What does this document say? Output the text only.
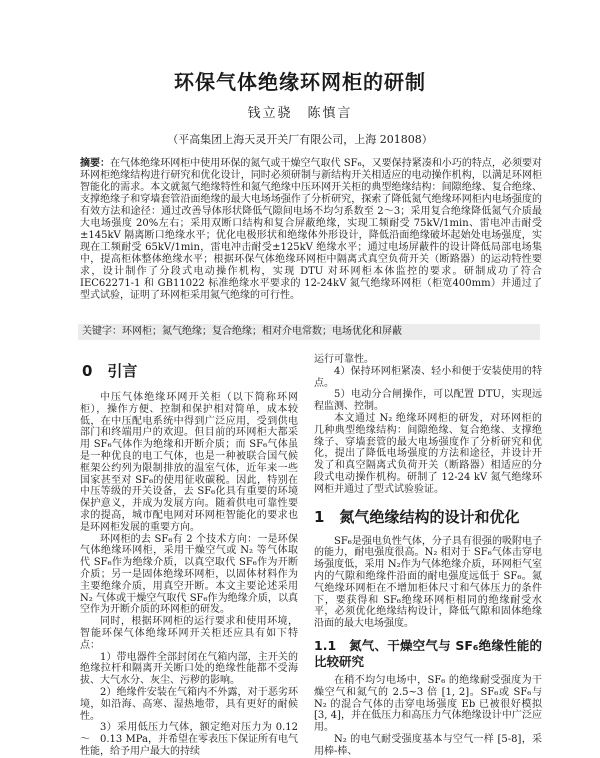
环保气体绝缘环网柜的研制
钱立骁　陈慎言
（平高集团上海天灵开关厂有限公司，上海 201808）
摘要：在气体绝缘环网柜中使用环保的氮气或干燥空气取代 SF₆，又要保持紧凑和小巧的特点，必须要对环网柜绝缘结构进行研究和优化设计，同时必须研制与新结构开关相适应的电动操作机构，以满足环网柜智能化的需求。本文就氮气绝缘特性和氮气绝缘中压环网开关柜的典型绝缘结构：间隙绝缘、复合绝缘、支撑绝缘子和穿墙套管沿面绝缘的最大电场场强作了分析研究，探索了降低氮气绝缘环网柜内电场强度的有效方法和途径：通过改善导体形状降低气隙间电场不均匀系数至 2～3；采用复合绝缘降低氮气介质最大电场强度 20%左右；采用双断口结构和复合屏蔽绝缘，实现工频耐受 75kV/1min、雷电冲击耐受±145kV 隔离断口绝缘水平；优化电极形状和绝缘体外形设计，降低沿面绝缘破坏起始处电场强度，实现在工频耐受 65kV/1min，雷电冲击耐受±125kV 绝缘水平；通过电场屏蔽件的设计降低局部电场集中，提高柜体整体绝缘水平；根据环保气体绝缘环网柜中隔离式真空负荷开关（断路器）的运动特性要求，设计制作了分段式电动操作机构，实现 DTU 对环网柜本体监控的要求。研制成功了符合 IEC62271-1 和 GB11022 标准绝缘水平要求的 12-24kV 氮气绝缘环网柜（柜宽400mm）并通过了型式试验，证明了环网柜采用氮气绝缘的可行性。
关键字：环网柜；氮气绝缘；复合绝缘；相对介电常数；电场优化和屏蔽
0　引言

中压气体绝缘环网开关柜（以下简称环网柜），操作方便、控制和保护相对简单，成本较低，在中压配电系统中得到广泛应用，受到供电部门和终端用户的欢迎。但目前的环网柜大都采用 SF₆气体作为绝缘和开断介质；而 SF₆气体虽是一种优良的电工气体，也是一种被联合国气候框架公约列为限制排放的温室气体，近年来一些国家甚至对 SF₆的使用征收碳税。因此，特别在中压等级的开关设备，去 SF₆化具有重要的环境保护意义，并成为发展方向。随着供电可靠性要求的提高，城市配电网对环网柜智能化的要求也是环网柜发展的重要方向。

环网柜的去 SF₆有 2 个技术方向：一是环保气体绝缘环网柜，采用干燥空气或 N₂ 等气体取代 SF₆作为绝缘介质，以真空取代 SF₆作为开断介质；另一是固体绝缘环网柜，以固体材料作为主要绝缘介质，用真空开断。本文主要论述采用 N₂ 气体或干燥空气取代 SF₆作为绝缘介质，以真空作为开断介质的环网柜的研发。

同时，根据环网柜的运行要求和使用环境，智能环保气体绝缘环网开关柜还应具有如下特点：

1）带电器件全部封闭在气箱内部，主开关的绝缘拉杆和隔离开关断口处的绝缘性能都不受海拔、大气水分、灰尘、污秽的影响。

2）绝缘件安装在气箱内不外露，对于恶劣环境，如沿海、高寒、湿热地带，具有更好的耐候性。

3）采用低压力气体，额定绝对压力为 0.12～　0.13 MPa，并希望在零表压下保证所有电气性能，给予用户最大的持续

运行可靠性。

4）保持环网柜紧凑、轻小和便于安装使用的特点。

5）电动分合闸操作，可以配置 DTU，实现远程监测、控制。

本文通过 N₂ 绝缘环网柜的研发，对环网柜的几种典型绝缘结构：间隙绝缘、复合绝缘、支撑绝缘子、穿墙套管的最大电场强度作了分析研究和优化，提出了降低电场强度的方法和途径，并设计开发了和真空隔离式负荷开关（断路器）相适应的分段式电动操作机构。研制了 12-24 kV 氮气绝缘环网柜并通过了型式试验验证。

1　氮气绝缘结构的设计和优化

SF₆是强电负性气体，分子具有很强的吸附电子的能力，耐电强度很高。N₂ 相对于 SF₆气体击穿电场强度低，采用 N₂作为气体绝缘介质，环网柜气室内的气隙和绝缘件沿面的耐电强度远低于 SF₆。氮气绝缘环网柜在不增加柜体尺寸和气体压力的条件下，要获得和 SF₆绝缘环网柜相同的绝缘耐受水平，必须优化绝缘结构设计，降低气隙和固体绝缘沿面的最大电场强度。

1.1　氮气、干燥空气与 SF₆绝缘性能的比较研究

在稍不均匀电场中，SF₆ 的绝缘耐受强度为干燥空气和氮气的 2.5~3 倍 [1, 2]。SF₆或 SF₆与 N₂ 的混合气体的击穿电场强度 Eb 已被很好模拟 [3, 4]，并在低压力和高压力气体绝缘设计中广泛应用。

N₂ 的电气耐受强度基本与空气一样 [5-8]，采用棒-棒、
